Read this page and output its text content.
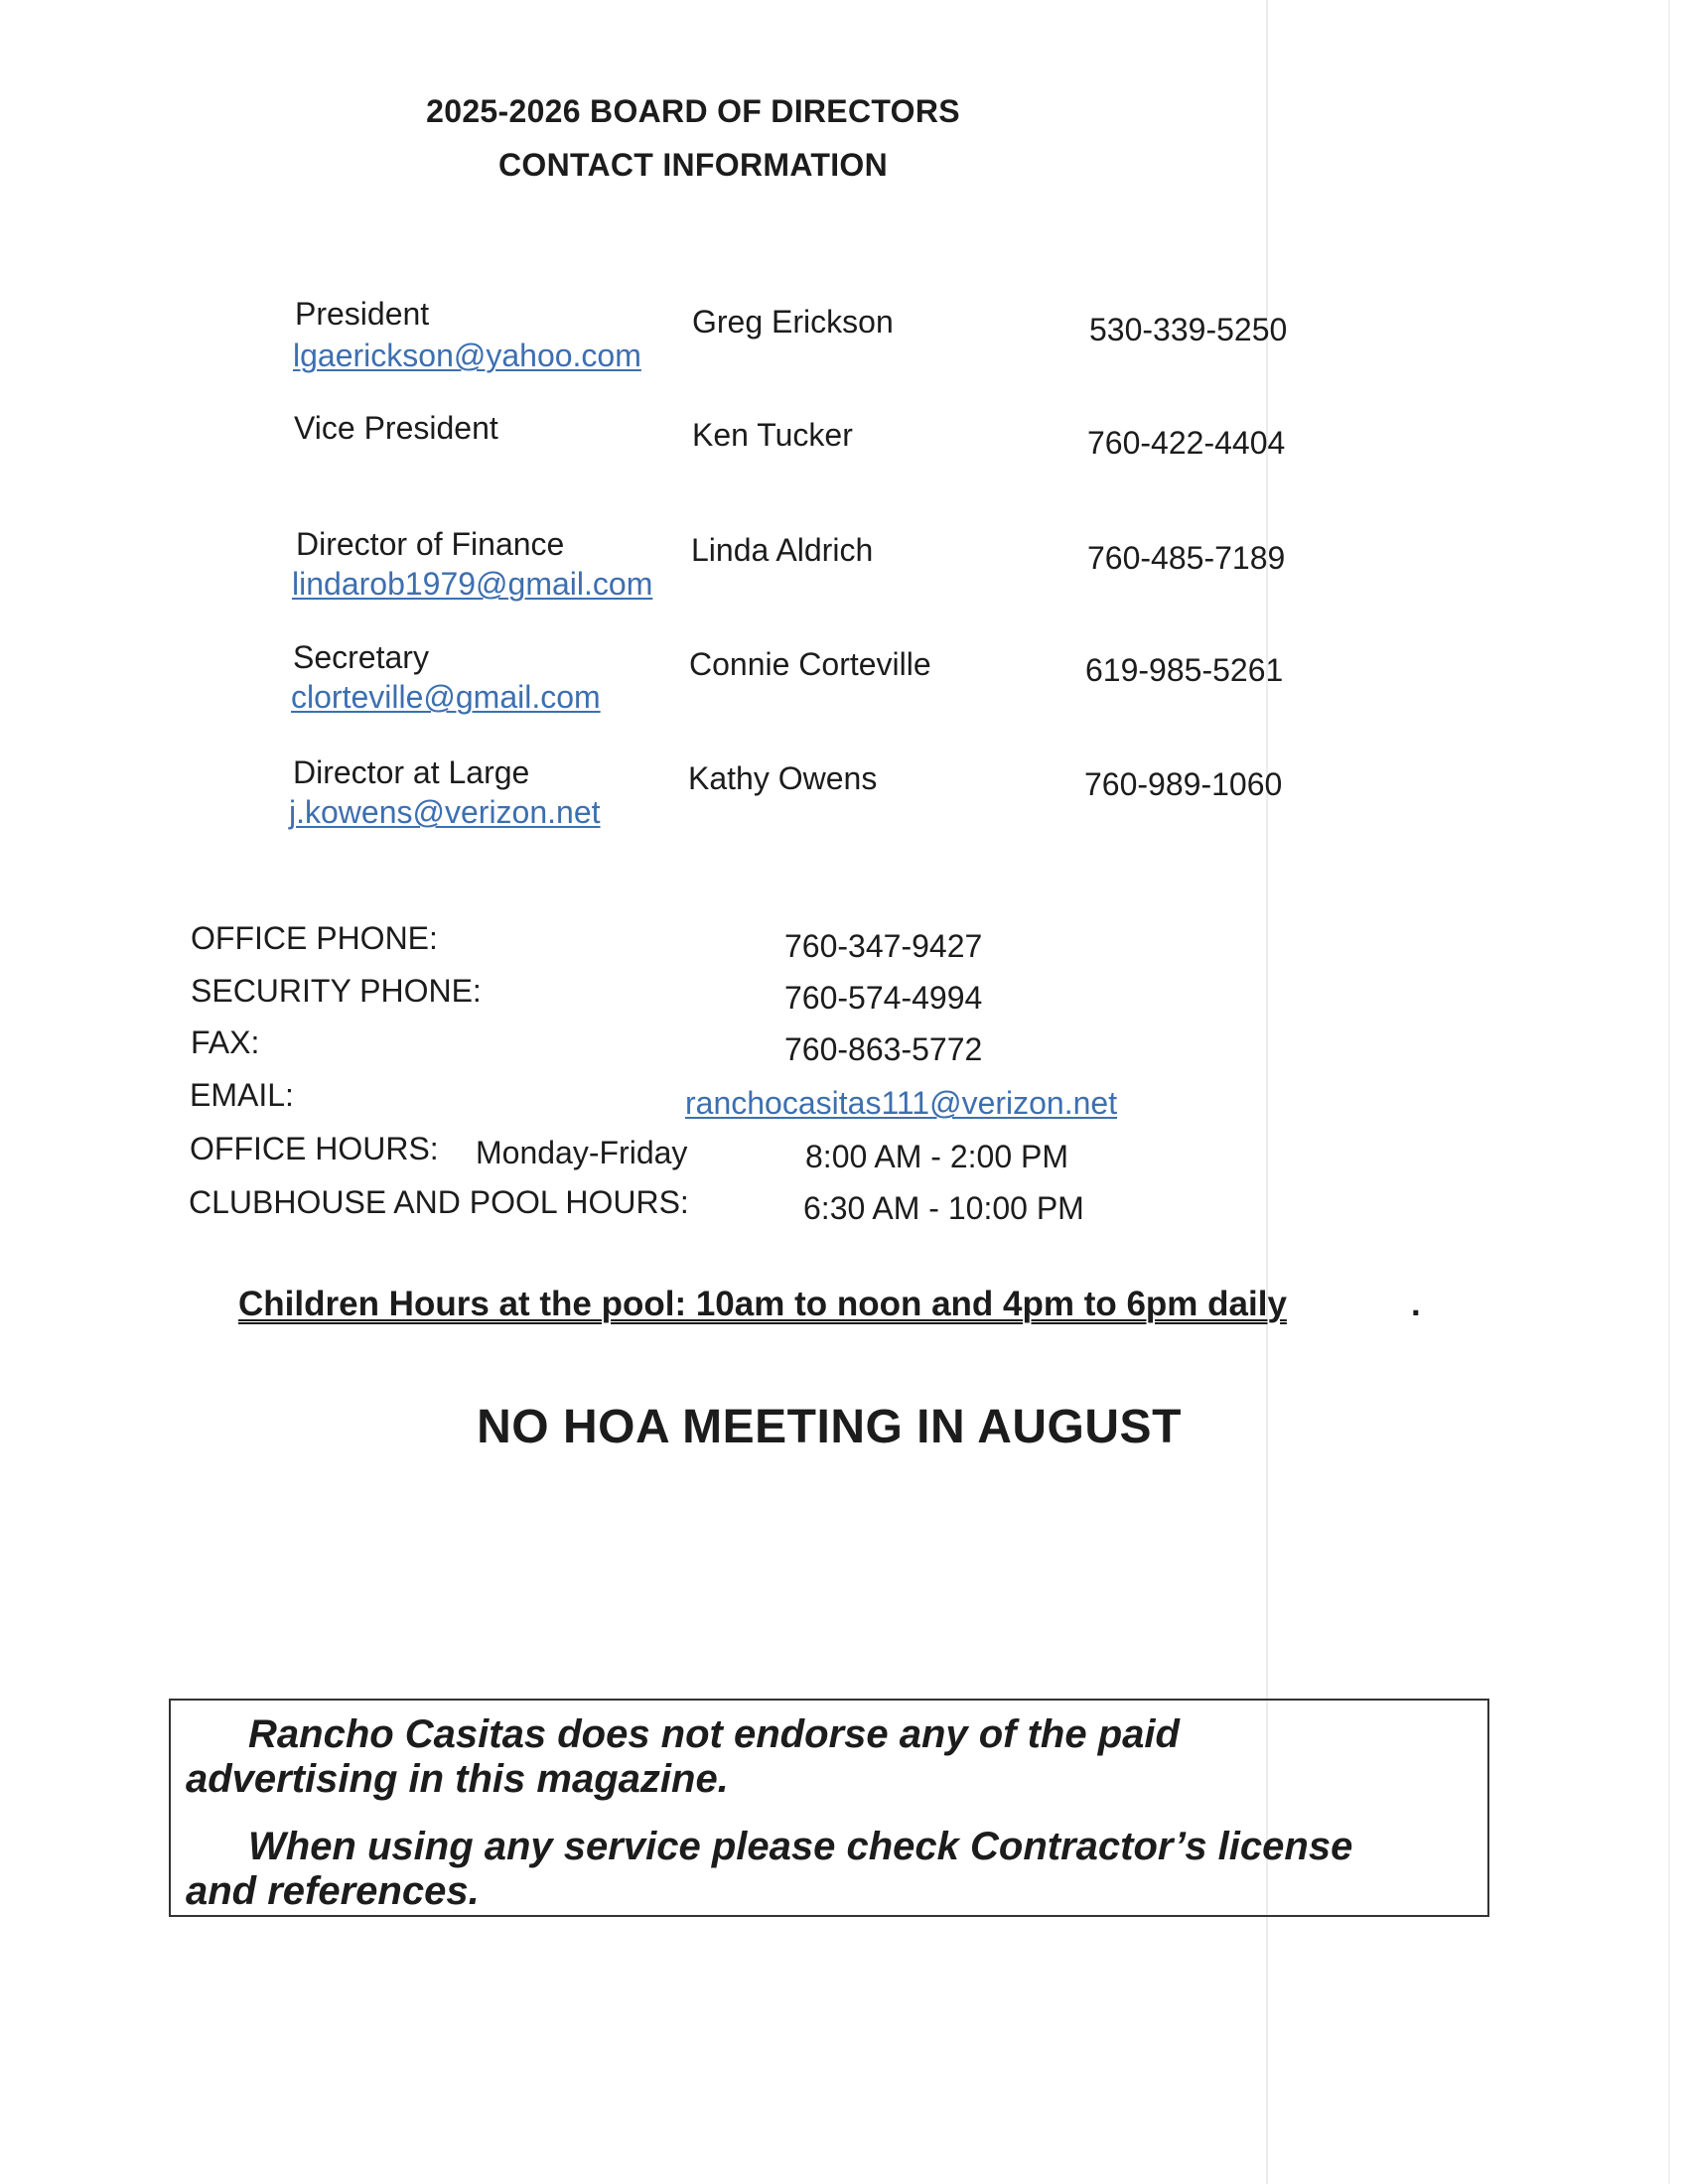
2025-2026 BOARD OF DIRECTORS
CONTACT INFORMATION
President
lgaerickson@yahoo.com
Greg Erickson	530-339-5250
Vice President	Ken Tucker	760-422-4404
Director of Finance
lindarob1979@gmail.com
Linda Aldrich	760-485-7189
Secretary
clorteville@gmail.com
Connie Corteville	619-985-5261
Director at Large
j.kowens@verizon.net
Kathy Owens	760-989-1060
OFFICE PHONE:	760-347-9427
SECURITY PHONE:	760-574-4994
FAX:	760-863-5772
EMAIL:	ranchocasitas111@verizon.net
OFFICE HOURS: Monday-Friday	8:00 AM - 2:00 PM
CLUBHOUSE AND POOL HOURS:	6:30 AM - 10:00 PM
Children Hours at the pool: 10am to noon and 4pm to 6pm daily	.
NO HOA MEETING IN AUGUST
Rancho Casitas does not endorse any of the paid
advertising in this magazine.
When using any service please check Contractor’s license
and references.
